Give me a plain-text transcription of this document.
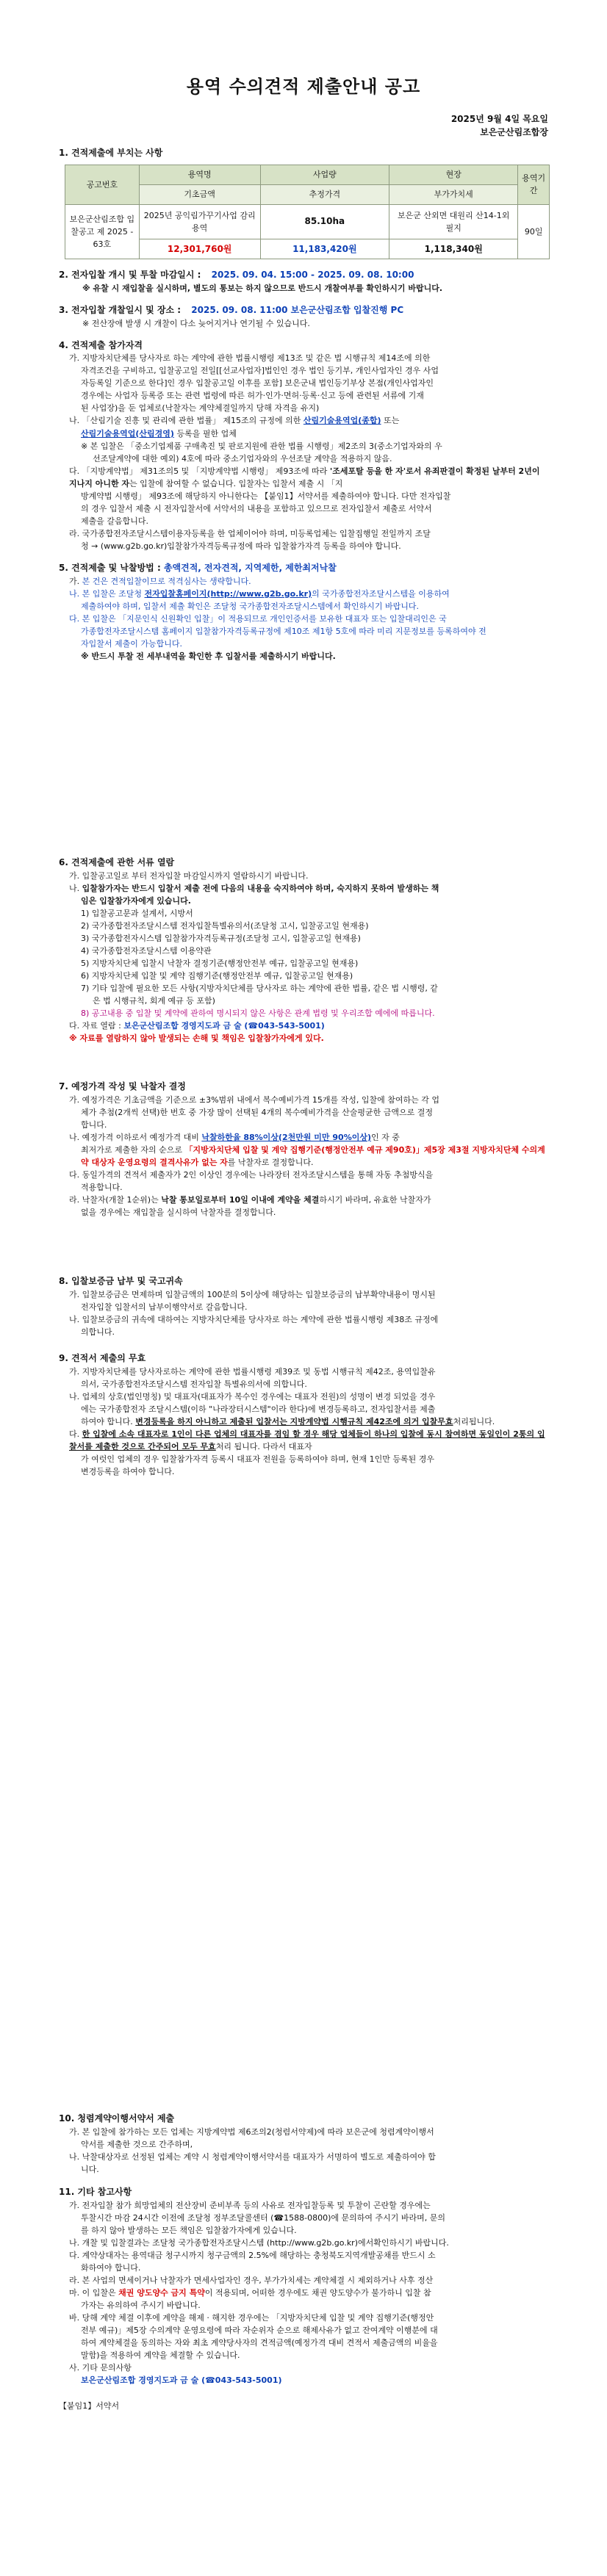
용역 수의견적 제출안내 공고
2025년 9월 4일 목요일
보은군산림조합장

1. 견적제출에 부치는 사항

공고번호	용역명	사업량	현장	용역기간
	기초금액	추정가격	부가가치세	
보은군산림조합 입찰공고 제 2025 - 63호	2025년 공익림가꾸기사업 감리용역	85.10ha	보은군 산외면 대원리 산14-1외 필지	90일
	12,301,760원	11,183,420원	1,118,340원	

2. 전자입찰 개시 및 투찰 마감일시 : 2025. 09. 04. 15:00 - 2025. 09. 08. 10:00

※ 유찰 시 재입찰을 실시하며, 별도의 통보는 하지 않으므로 반드시 개찰여부를 확인하시기 바랍니다.

3. 전자입찰 개찰일시 및 장소 : 2025. 09. 08. 11:00 보은군산림조합 입찰진행 PC

※ 전산장애 발생 시 개찰이 다소 늦어지거나 연기될 수 있습니다.

4. 견적제출 참가자격

가. 지방자치단체를 당사자로 하는 계약에 관한 법률시행령 제13조 및 같은 법 시행규칙 제14조에 의한

자격조건을 구비하고, 입찰공고일 전일[[선교사업자]법인인 경우 법인 등기부, 개인사업자인 경우 사업

자등록일 기준으로 한다]인 경우 입찰공고일 이후를 포함] 보은군내 법인등기부상 본점(개인사업자인

경우에는 사업자 등록증 또는 관련 법령에 따른 허가·인가·면허·등록·신고 등에 관련된 서류에 기재

된 사업장)을 둔 업체로(낙찰자는 계약체결일까지 당해 자격을 유지)

나. 「산림기술 진흥 및 관리에 관한 법률」 제15조의 규정에 의한 산림기술용역업(종합) 또는

산림기술용역업(산림경영) 등록을 필한 업체

※ 본 입찰은 「중소기업제품 구매촉진 및 판로지원에 관한 법률 시행령」제2조의 3(중소기업자와의 우

선조달계약에 대한 예외) 4호에 따라 중소기업자와의 우선조달 계약을 적용하지 않음.

다. 「지방계약법」 제31조의5 및 「지방계약법 시행령」 제93조에 따라 '조세포탈 등을 한 자'로서 유죄판결이 확정된 날부터 2년이 지나지 아니한 자는 입찰에 참여할 수 없습니다. 입찰자는 입찰서 제출 시 「지

방계약법 시행령」 제93조에 해당하지 아니한다는 【붙임1】서약서를 제출하여야 합니다. 다만 전자입찰

의 경우 입찰서 제출 시 전자입찰서에 서약서의 내용을 포함하고 있으므로 전자입찰서 제출로 서약서

제출을 갈음합니다.

라. 국가종합전자조달시스템이용자등록을 한 업체이어야 하며, 미등록업체는 입찰집행일 전일까지 조달

청 → (www.g2b.go.kr)입찰참가자격등록규정에 따라 입찰참가자격 등록을 하여야 합니다.

5. 견적제출 및 낙찰방법 : 총액견적, 전자견적, 지역제한, 제한최저낙찰

가. 본 건은 견적입찰이므로 적격심사는 생략합니다.

나. 본 입찰은 조달청 전자입찰홈페이지(http://www.g2b.go.kr)의 국가종합전자조달시스템을 이용하여

제출하여야 하며, 입찰서 제출 확인은 조달청 국가종합전자조달시스템에서 확인하시기 바랍니다.

다. 본 입찰은 「지문인식 신원확인 입찰」이 적용되므로 개인인증서를 보유한 대표자 또는 입찰대리인은 국

가종합전자조달시스템 홈페이지 입찰참가자격등록규정에 제10조 제1항 5호에 따라 미리 지문정보를 등록하여야 전

자입찰서 제출이 가능합니다.

※ 반드시 투찰 전 세부내역을 확인한 후 입찰서를 제출하시기 바랍니다.

6. 견적제출에 관한 서류 열람

가. 입찰공고일로 부터 전자입찰 마감일시까지 열람하시기 바랍니다.

나. 입찰참가자는 반드시 입찰서 제출 전에 다음의 내용을 숙지하여야 하며, 숙지하지 못하여 발생하는 책

임은 입찰참가자에게 있습니다.

1) 입찰공고문과 설계서, 시방서

2) 국가종합전자조달시스템 전자입찰특별유의서(조달청 고시, 입찰공고일 현재용)

3) 국가종합전자시스템 입찰참가자격등록규정(조달청 고시, 입찰공고일 현재용)

4) 국가종합전자조달시스템 이용약관

5) 지방자치단체 입찰시 낙찰자 결정기준(행정안전부 예규, 입찰공고일 현재용)

6) 지방자치단체 입찰 및 계약 집행기준(행정안전부 예규, 입찰공고일 현재용)

7) 기타 입찰에 필요한 모든 사항(지방자치단체를 당사자로 하는 계약에 관한 법률, 같은 법 시행령, 같

은 법 시행규칙, 회계 예규 등 포함)

8) 공고내용 중 입찰 및 계약에 관하여 명시되지 않은 사항은 관계 법령 및 우리조합 예에에 따릅니다.

다. 자료 열람 : 보은군산림조합 경영지도과 금 술 (☎043-543-5001)

※ 자료를 열람하지 않아 발생되는 손해 및 책임은 입찰참가자에게 있다.

7. 예정가격 작성 및 낙찰자 결정

가. 예정가격은 기초금액을 기준으로 ±3%범위 내에서 복수예비가격 15개를 작성, 입찰에 참여하는 각 업

체가 추첨(2개씩 선택)한 번호 중 가장 많이 선택된 4개의 복수예비가격을 산술평균한 금액으로 결정

합니다.

나. 예정가격 이하로서 예정가격 대비 낙찰하한율 88%이상(2천만원 미만 90%이상)인 자 중

최저가로 제출한 자의 순으로 「지방자치단체 입찰 및 계약 집행기준(행정안전부 예규 제90호)」제5장 제3절 지방자치단체 수의계약 대상자 운영요령의 결격사유가 없는 자를 낙찰자로 결정합니다.

다. 동일가격의 견적서 제출자가 2인 이상인 경우에는 나라장터 전자조달시스템을 통해 자동 추첨방식을

적용합니다.

라. 낙찰자(개찰 1순위)는 낙찰 통보일로부터 10일 이내에 계약을 체결하시기 바라며, 유효한 낙찰자가

없을 경우에는 재입찰을 실시하여 낙찰자를 결정합니다.

8. 입찰보증금 납부 및 국고귀속

가. 입찰보증금은 면제하며 입찰금액의 100분의 5이상에 해당하는 입찰보증금의 납부확약내용이 명시된

전자입찰 입찰서의 납부이행약서로 갈음합니다.

나. 입찰보증금의 귀속에 대하여는 지방자치단체를 당사자로 하는 계약에 관한 법률시행령 제38조 규정에

의합니다.

9. 견적서 제출의 무효

가. 지방자치단체를 당사자로하는 계약에 관한 법률시행령 제39조 및 동법 시행규칙 제42조, 용역입찰유

의서, 국가종합전자조달시스템 전자입찰 특별유의서에 의합니다.

나. 업체의 상호(법인명칭) 및 대표자(대표자가 복수인 경우에는 대표자 전원)의 성명이 변경 되었을 경우

에는 국가종합전자 조달시스템(이하 "나라장터시스템"이라 한다)에 변경등록하고, 전자입찰서를 제출

하여야 합니다. 변경등록을 하지 아니하고 제출된 입찰서는 지방계약법 시행규칙 제42조에 의거 입찰무효처리됩니다.

다. 한 입찰에 소속 대표자로 1인이 다른 업체의 대표자를 겸임 할 경우 해당 업체들이 하나의 입찰에 동시 참여하면 동일인이 2통의 입찰서를 제출한 것으로 간주되어 모두 무효처리 됩니다. 다라서 대표자

가 여럿인 업체의 경우 입찰참가자격 등록시 대표자 전원을 등록하여야 하며, 현재 1인만 등록된 경우

변경등록을 하여야 합니다.

10. 청렴계약이행서약서 제출

가. 본 입찰에 참가하는 모든 업체는 지방계약법 제6조의2(청렴서약제)에 따라 보은군에 청렴계약이행서

약서를 제출한 것으로 간주하며,

나. 낙찰대상자로 선정된 업체는 계약 시 청렴계약이행서약서를 대표자가 서명하여 별도로 제출하여야 합

니다.

11. 기타 참고사항

가. 전자입찰 참가 희망업체의 전산장비 준비부족 등의 사유로 전자입찰등록 및 투찰이 곤란할 경우에는

투찰시간 마감 24시간 이전에 조달청 정부조달콜센터 (☎1588-0800)에 문의하여 주시기 바라며, 문의

를 하지 않아 발생하는 모든 책임은 입찰참가자에게 있습니다.

나. 개찰 및 입찰결과는 조달청 국가종합전자조달시스템 (http://www.g2b.go.kr)에서확인하시기 바랍니다.

다. 계약상대자는 용역대금 청구시까지 청구금액의 2.5%에 해당하는 충청북도지역개발공채를 반드시 소

화하여야 합니다.

라. 본 사업의 면세이거나 낙찰자가 면세사업자인 경우, 부가가치세는 계약체결 시 제외하거나 사후 정산

마. 이 입찰은 채권 양도양수 금지 특약이 적용되며, 어떠한 경우에도 채권 양도양수가 불가하니 입찰 참

가자는 유의하여 주시기 바랍니다.

바. 당해 계약 체결 이후에 계약을 해제 · 해지한 경우에는 「지방자치단체 입찰 및 계약 집행기준(행정안

전부 예규)」제5장 수의계약 운영요령에 따라 자순위자 순으로 해제사유가 없고 잔여계약 이행분에 대

하여 계약체결을 동의하는 자와 최초 계약당사자의 견적금액(예정가격 대비 견적서 제출금액의 비율을

말함)을 적용하여 계약을 체결할 수 있습니다.

사. 기타 문의사항

보은군산림조합 경영지도과 금 술 (☎043-543-5001)

【붙임1】서약서
